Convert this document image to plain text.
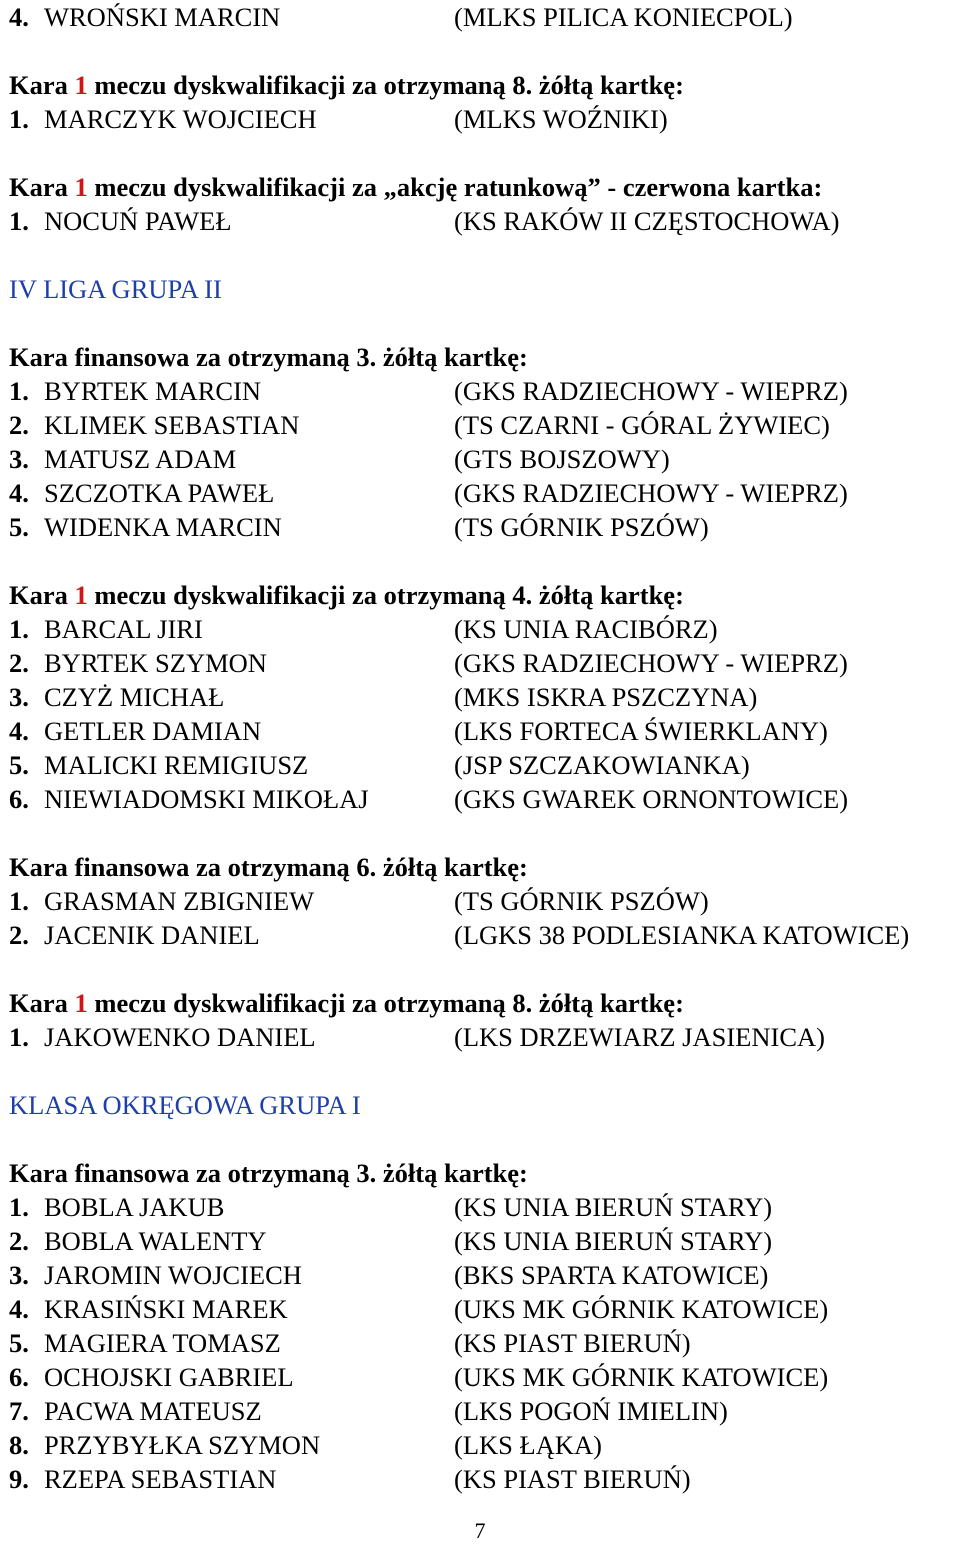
4. WROŃSKI MARCIN	(MLKS PILICA KONIECPOL)
Kara 1 meczu dyskwalifikacji za otrzymaną 8. żółtą kartkę:
1. MARCZYK WOJCIECH	(MLKS WOŹNIKI)
Kara 1 meczu dyskwalifikacji za „akcję ratunkową” - czerwona kartka:
1. NOCUŃ PAWEŁ	(KS RAKÓW II CZĘSTOCHOWA)
IV LIGA GRUPA II
Kara finansowa za otrzymaną 3. żółtą kartkę:
1. BYRTEK MARCIN	(GKS RADZIECHOWY - WIEPRZ)
2. KLIMEK SEBASTIAN	(TS CZARNI - GÓRAL ŻYWIEC)
3. MATUSZ ADAM	(GTS BOJSZOWY)
4. SZCZOTKA PAWEŁ	(GKS RADZIECHOWY - WIEPRZ)
5. WIDENKA MARCIN	(TS GÓRNIK PSZÓW)
Kara 1 meczu dyskwalifikacji za otrzymaną 4. żółtą kartkę:
1. BARCAL JIRI	(KS UNIA RACIBÓRZ)
2. BYRTEK SZYMON	(GKS RADZIECHOWY - WIEPRZ)
3. CZYŻ MICHAŁ	(MKS ISKRA PSZCZYNA)
4. GETLER DAMIAN	(LKS FORTECA ŚWIERKLANY)
5. MALICKI REMIGIUSZ	(JSP SZCZAKOWIANKA)
6. NIEWIADOMSKI MIKOŁAJ	(GKS GWAREK ORNONTOWICE)
Kara finansowa za otrzymaną 6. żółtą kartkę:
1. GRASMAN ZBIGNIEW	(TS GÓRNIK PSZÓW)
2. JACENIK DANIEL	(LGKS 38 PODLESIANKA KATOWICE)
Kara 1 meczu dyskwalifikacji za otrzymaną 8. żółtą kartkę:
1. JAKOWENKO DANIEL	(LKS DRZEWIARZ JASIENICA)
KLASA OKRĘGOWA GRUPA I
Kara finansowa za otrzymaną 3. żółtą kartkę:
1. BOBLA JAKUB	(KS UNIA BIERUŃ STARY)
2. BOBLA WALENTY	(KS UNIA BIERUŃ STARY)
3. JAROMIN WOJCIECH	(BKS SPARTA KATOWICE)
4. KRASIŃSKI MAREK	(UKS MK GÓRNIK KATOWICE)
5. MAGIERA TOMASZ	(KS PIAST BIERUŃ)
6. OCHOJSKI GABRIEL	(UKS MK GÓRNIK KATOWICE)
7. PACWA MATEUSZ	(LKS POGOŃ IMIELIN)
8. PRZYBYŁKA SZYMON	(LKS ŁĄKA)
9. RZEPA SEBASTIAN	(KS PIAST BIERUŃ)
7
